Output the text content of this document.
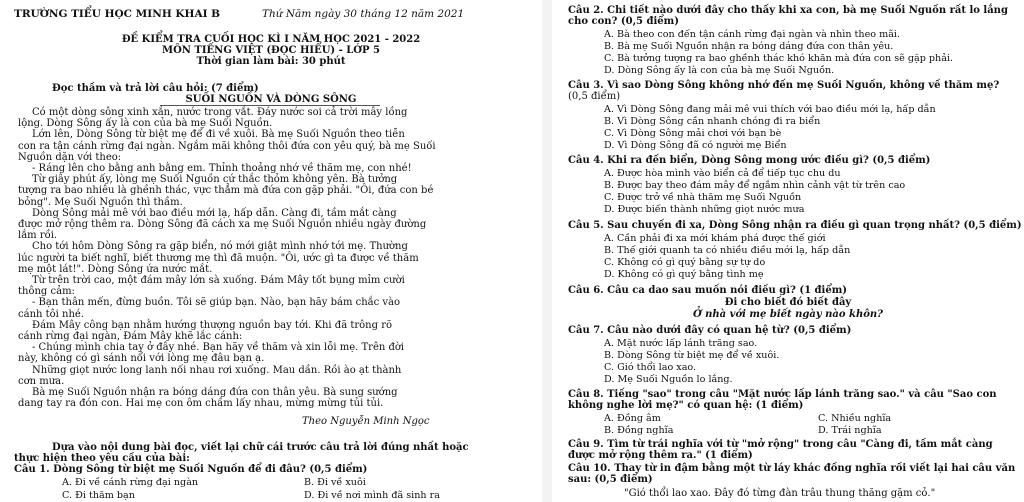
TRƯỜNG TIỂU HỌC MINH KHAI B	Thứ Năm ngày 30 tháng 12 năm 2021
ĐỀ KIỂM TRA CUỐI HỌC KÌ I NĂM HỌC 2021 - 2022
MÔN TIẾNG VIỆT (ĐỌC HIỂU) - LỚP 5
Thời gian làm bài: 30 phút
Đọc thầm và trả lời câu hỏi: (7 điểm)
SUỐI NGUỒN VÀ DÒNG SÔNG
Có một dòng sông xinh xắn, nước trong vắt. Đáy nước soi cả trời mây lồng
lộng. Dòng Sông ấy là con của bà mẹ Suối Nguồn.
Lớn lên, Dòng Sông từ biệt mẹ để đi về xuôi. Bà mẹ Suối Nguồn theo tiễn
con ra tận cánh rừng đại ngàn. Ngắm mãi không thôi đứa con yêu quý, bà mẹ Suối
Nguồn dặn với theo:
- Ráng lên cho bằng anh bằng em. Thỉnh thoảng nhớ về thăm mẹ, con nhé!
Từ giây phút ấy, lòng mẹ Suối Nguồn cứ thắc thỏm không yên. Bà tưởng
tượng ra bao nhiêu là ghềnh thác, vực thẳm mà đứa con gặp phải. "Ôi, đứa con bé
bỏng". Mẹ Suối Nguồn thì thầm.
Dòng Sông mải mê với bao điều mới lạ, hấp dẫn. Càng đi, tầm mắt càng
được mở rộng thêm ra. Dòng Sông đã cách xa mẹ Suối Nguồn nhiều ngày đường
lắm rồi.
Cho tới hôm Dòng Sông ra gặp biển, nó mới giật mình nhớ tới mẹ. Thường
lúc người ta biết nghĩ, biết thương mẹ thì đã muộn. "Ôi, ước gì ta được về thăm
mẹ một lát!". Dòng Sông ứa nước mắt.
Từ trên trời cao, một đám mây lớn sà xuống. Đám Mây tốt bụng mỉm cười
thông cảm:
- Bạn thân mến, đừng buồn. Tôi sẽ giúp bạn. Nào, bạn hãy bám chắc vào
cánh tôi nhé.
Đám Mây công bạn nhằm hướng thượng nguồn bay tới. Khi đã trông rõ
cánh rừng đại ngàn, Đám Mây khẽ lắc cánh:
- Chúng mình chia tay ở đây nhé. Bạn hãy về thăm và xin lỗi mẹ. Trên đời
này, không có gì sánh nổi với lòng mẹ đâu bạn ạ.
Những giọt nước long lanh nối nhau rơi xuống. Mau dần. Rồi ào ạt thành
cơn mưa.
Bà mẹ Suối Nguồn nhận ra bóng dáng đứa con thân yêu. Bà sung sướng
dang tay ra đón con. Hai mẹ con ôm chầm lấy nhau, mừng mừng tủi tủi.
Theo Nguyễn Minh Ngọc
Dựa vào nội dung bài đọc, viết lại chữ cái trước câu trả lời đúng nhất hoặc
thực hiện theo yêu cầu của bài:
Câu 1. Dòng Sông từ biệt mẹ Suối Nguồn để đi đâu? (0,5 điểm)
A. Đi về cánh rừng đại ngàn	B. Đi về xuôi
C. Đi thăm bạn	D. Đi về nơi mình đã sinh ra
Câu 2. Chi tiết nào dưới đây cho thấy khi xa con, bà mẹ Suối Nguồn rất lo lắng
cho con? (0,5 điểm)
A. Bà theo con đến tận cánh rừng đại ngàn và nhìn theo mãi.
B. Bà mẹ Suối Nguồn nhận ra bóng dáng đứa con thân yêu.
C. Bà tưởng tượng ra bao ghềnh thác khó khăn mà đứa con sẽ gặp phải.
D. Dòng Sông ấy là con của bà mẹ Suối Nguồn.
Câu 3. Vì sao Dòng Sông không nhớ đến mẹ Suối Nguồn, không về thăm mẹ?
(0,5 điểm)
A. Vì Dòng Sông đang mải mê vui thích với bao điều mới lạ, hấp dẫn
B. Vì Dòng Sông cần nhanh chóng đi ra biển
C. Vì Dòng Sông mải chơi với bạn bè
D. Vì Dòng Sông đã có người mẹ Biển
Câu 4. Khi ra đến biển, Dòng Sông mong ước điều gì? (0,5 điểm)
A. Được hòa mình vào biển cả để tiếp tục chu du
B. Được bay theo đám mây để ngắm nhìn cảnh vật từ trên cao
C. Được trở về nhà thăm mẹ Suối Nguồn
D. Được biến thành những giọt nước mưa
Câu 5. Sau chuyến đi xa, Dòng Sông nhận ra điều gì quan trọng nhất? (0,5 điểm)
A. Cần phải đi xa mới khám phá được thế giới
B. Thế giới quanh ta có nhiều điều mới lạ, hấp dẫn
C. Không có gì quý bằng sự tự do
D. Không có gì quý bằng tình mẹ
Câu 6. Câu ca dao sau muốn nói điều gì? (1 điểm)
Đi cho biết đó biết đây
Ở nhà với mẹ biết ngày nào khôn?
Câu 7. Câu nào dưới đây có quan hệ từ? (0,5 điểm)
A. Mặt nước lấp lánh trăng sao.
B. Dòng Sông từ biệt mẹ để về xuôi.
C. Gió thổi lao xao.
D. Mẹ Suối Nguồn lo lắng.
Câu 8. Tiếng "sao" trong câu "Mặt nước lấp lánh trăng sao." và câu "Sao con
không nghe lời mẹ?" có quan hệ: (1 điểm)
A. Đồng âm	C. Nhiều nghĩa
B. Đồng nghĩa	D. Trái nghĩa
Câu 9. Tìm từ trái nghĩa với từ "mở rộng" trong câu "Càng đi, tầm mắt càng
được mở rộng thêm ra." (1 điểm)
Câu 10. Thay từ in đậm bằng một từ láy khác đồng nghĩa rồi viết lại hai câu văn
sau: (0,5 điểm)
"Gió thổi lao xao. Đây đó từng đàn trâu thung thăng gặm cỏ."
